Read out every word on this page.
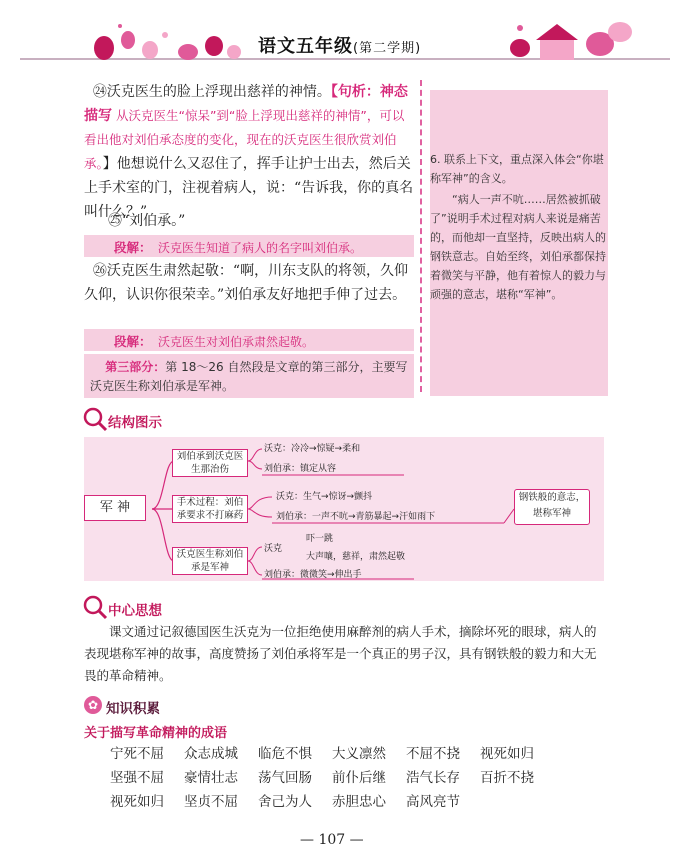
语文五年级(第二学期)
㉔沃克医生的脸上浮现出慈祥的神情。【句析：神态描写 从沃克医生“惊呆”到“脸上浮现出慈祥的神情”，可以看出他对刘伯承态度的变化，现在的沃克医生很欣赏刘伯承。】他想说什么又忍住了，挥手让护士出去，然后关上手术室的门，注视着病人，说：“告诉我，你的真名叫什么？”
㉕“刘伯承。”
段解： 沃克医生知道了病人的名字叫刘伯承。
㉖沃克医生肃然起敬：“啊，川东支队的将领，久仰久仰，认识你很荣幸。”刘伯承友好地把手伸了过去。
段解： 沃克医生对刘伯承肃然起敬。
第三部分：第 18～26 自然段是文章的第三部分，主要写沃克医生称刘伯承是军神。
6. 联系上下文，重点深入体会“你堪称军神”的含义。
“病人一声不吭……居然被抓破了”说明手术过程对病人来说是痛苦的，而他却一直坚持，反映出病人的钢铁意志。自始至终，刘伯承都保持着微笑与平静，他有着惊人的毅力与顽强的意志，堪称“军神”。
结构图示
军 神
刘伯承到沃克医生那治伤
手术过程：刘伯承要求不打麻药
沃克医生称刘伯承是军神
沃克：冷冷→惊疑→柔和
刘伯承：镇定从容
沃克：生气→惊讶→颤抖
刘伯承：一声不吭→青筋暴起→汗如雨下
沃克
吓一跳
大声嚷，慈祥，肃然起敬
刘伯承：微微笑→伸出手
钢铁般的意志，堪称军神
中心思想
课文通过记叙德国医生沃克为一位拒绝使用麻醉剂的病人手术，摘除坏死的眼球，病人的表现堪称军神的故事，高度赞扬了刘伯承将军是一个真正的男子汉，具有钢铁般的毅力和大无畏的革命精神。
✿ 知识积累
关于描写革命精神的成语
宁死不屈 众志成城 临危不惧 大义凛然 不屈不挠 视死如归
坚强不屈 豪情壮志 荡气回肠 前仆后继 浩气长存 百折不挠
视死如归 坚贞不屈 舍己为人 赤胆忠心 高风亮节
— 107 —
